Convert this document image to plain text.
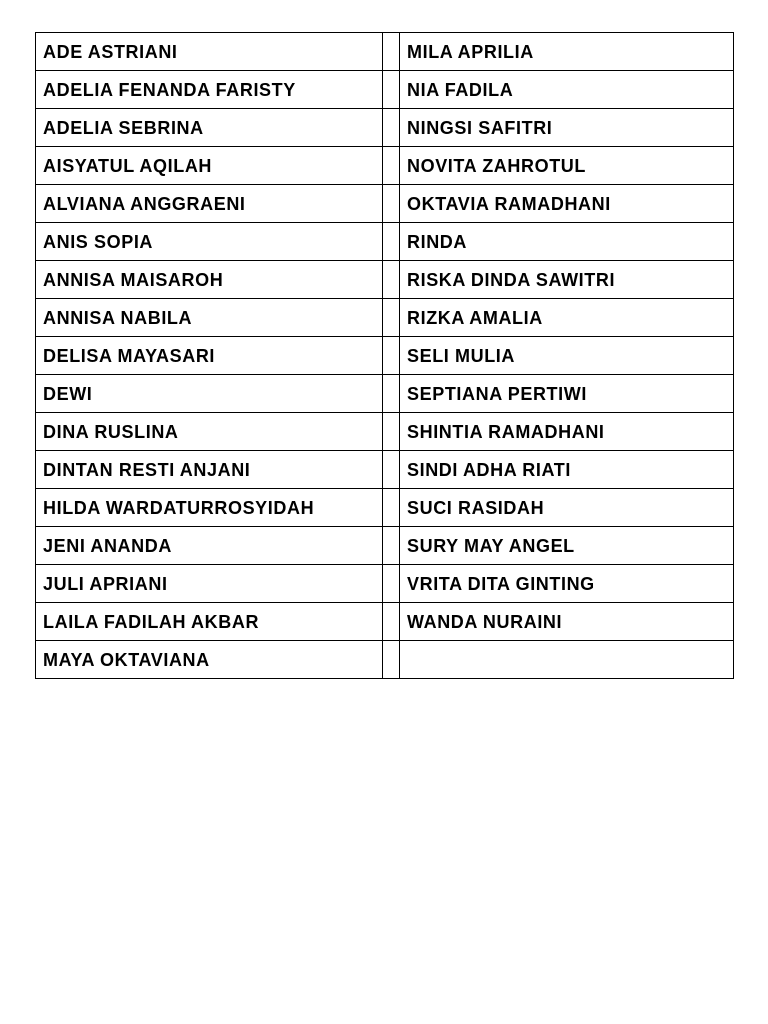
ADE ASTRIANI		MILA APRILIA
ADELIA FENANDA FARISTY		NIA FADILA
ADELIA SEBRINA		NINGSI SAFITRI
AISYATUL AQILAH		NOVITA ZAHROTUL
ALVIANA ANGGRAENI		OKTAVIA RAMADHANI
ANIS SOPIA		RINDA
ANNISA MAISAROH		RISKA DINDA SAWITRI
ANNISA NABILA		RIZKA AMALIA
DELISA MAYASARI		SELI MULIA
DEWI		SEPTIANA PERTIWI
DINA RUSLINA		SHINTIA RAMADHANI
DINTAN RESTI ANJANI		SINDI ADHA RIATI
HILDA WARDATURROSYIDAH		SUCI RASIDAH
JENI ANANDA		SURY MAY ANGEL
JULI APRIANI		VRITA DITA GINTING
LAILA FADILAH AKBAR		WANDA NURAINI
MAYA OKTAVIANA		
